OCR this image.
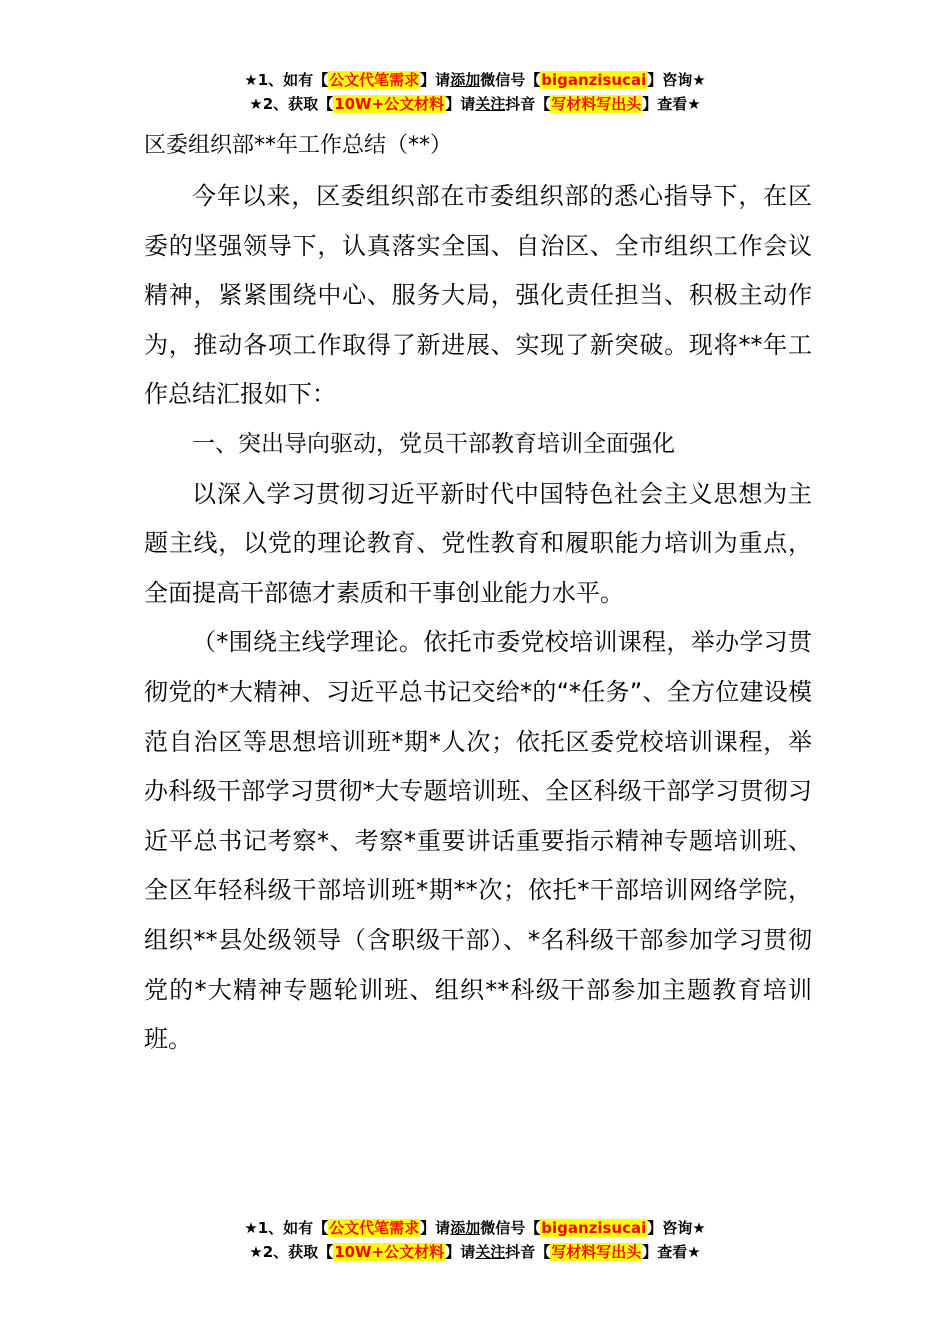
★1、如有【公文代笔需求】请添加微信号【biganzisucai】咨询★
★2、获取【10W+公文材料】请关注抖音【写材料写出头】查看★

区委组织部**年工作总结（**）

今年以来，区委组织部在市委组织部的悉心指导下，在区委的坚强领导下，认真落实全国、自治区、全市组织工作会议精神，紧紧围绕中心、服务大局，强化责任担当、积极主动作为，推动各项工作取得了新进展、实现了新突破。现将**年工作总结汇报如下：

一、突出导向驱动，党员干部教育培训全面强化

以深入学习贯彻习近平新时代中国特色社会主义思想为主题主线，以党的理论教育、党性教育和履职能力培训为重点，全面提高干部德才素质和干事创业能力水平。

（*围绕主线学理论。依托市委党校培训课程，举办学习贯彻党的*大精神、习近平总书记交给*的“*任务”、全方位建设模范自治区等思想培训班*期*人次；依托区委党校培训课程，举办科级干部学习贯彻*大专题培训班、全区科级干部学习贯彻习近平总书记考察*、考察*重要讲话重要指示精神专题培训班、全区年轻科级干部培训班*期**次；依托*干部培训网络学院，组织**县处级领导（含职级干部）、*名科级干部参加学习贯彻党的*大精神专题轮训班、组织**科级干部参加主题教育培训班。

★1、如有【公文代笔需求】请添加微信号【biganzisucai】咨询★
★2、获取【10W+公文材料】请关注抖音【写材料写出头】查看★
